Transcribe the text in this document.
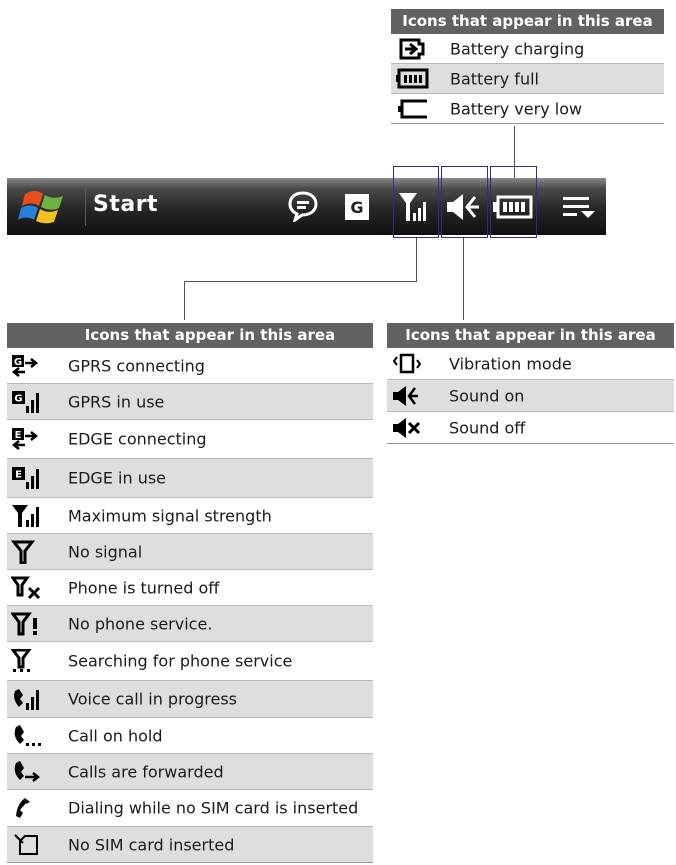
Icons that appear in this area
Battery charging
Battery full
Battery very low
Start	G
Icons that appear in this area
G	GPRS connecting
G	GPRS in use
E	EDGE connecting
E	EDGE in use
Maximum signal strength
No signal
Phone is turned off
No phone service.
Searching for phone service
Voice call in progress
Call on hold
Calls are forwarded
Dialing while no SIM card is inserted
No SIM card inserted
Icons that appear in this area
Vibration mode
Sound on
Sound off
